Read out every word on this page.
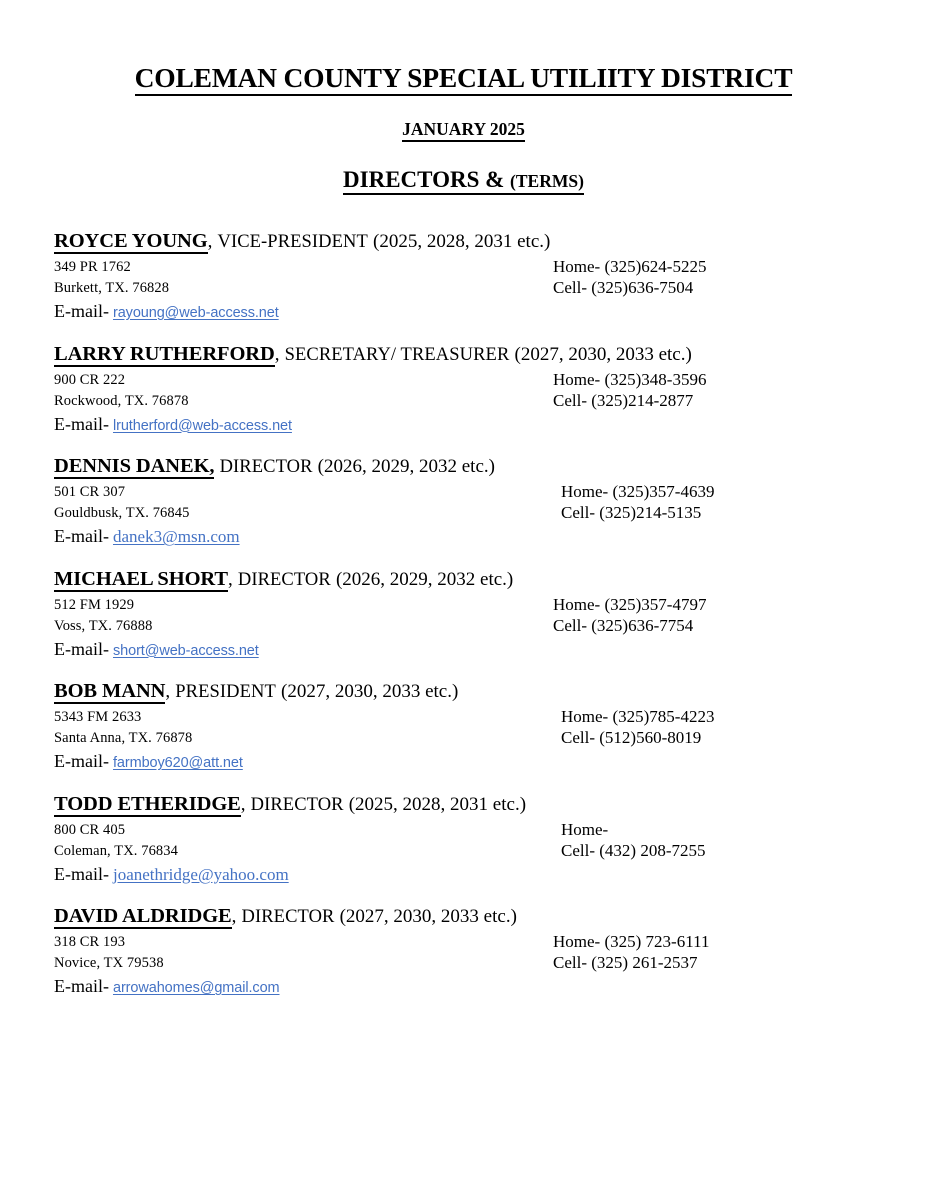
COLEMAN COUNTY SPECIAL UTILIITY DISTRICT
JANUARY 2025
DIRECTORS & (TERMS)
ROYCE YOUNG, VICE-PRESIDENT (2025, 2028, 2031 etc.)
349 PR 1762	Home- (325)624-5225
Burkett, TX. 76828	Cell- (325)636-7504
E-mail- rayoung@web-access.net
LARRY RUTHERFORD, SECRETARY/ TREASURER (2027, 2030, 2033 etc.)
900 CR 222	Home- (325)348-3596
Rockwood, TX. 76878	Cell- (325)214-2877
E-mail- lrutherford@web-access.net
DENNIS DANEK, DIRECTOR (2026, 2029, 2032 etc.)
501 CR 307	Home- (325)357-4639
Gouldbusk, TX. 76845	Cell- (325)214-5135
E-mail- danek3@msn.com
MICHAEL SHORT, DIRECTOR (2026, 2029, 2032 etc.)
512 FM 1929	Home- (325)357-4797
Voss, TX. 76888	Cell- (325)636-7754
E-mail- short@web-access.net
BOB MANN, PRESIDENT (2027, 2030, 2033 etc.)
5343 FM 2633	Home- (325)785-4223
Santa Anna, TX. 76878	Cell- (512)560-8019
E-mail- farmboy620@att.net
TODD ETHERIDGE, DIRECTOR (2025, 2028, 2031 etc.)
800 CR 405	Home-
Coleman, TX. 76834	Cell- (432) 208-7255
E-mail- joanethridge@yahoo.com
DAVID ALDRIDGE, DIRECTOR (2027, 2030, 2033 etc.)
318 CR 193	Home- (325) 723-6111
Novice, TX 79538	Cell- (325) 261-2537
E-mail- arrowahomes@gmail.com
